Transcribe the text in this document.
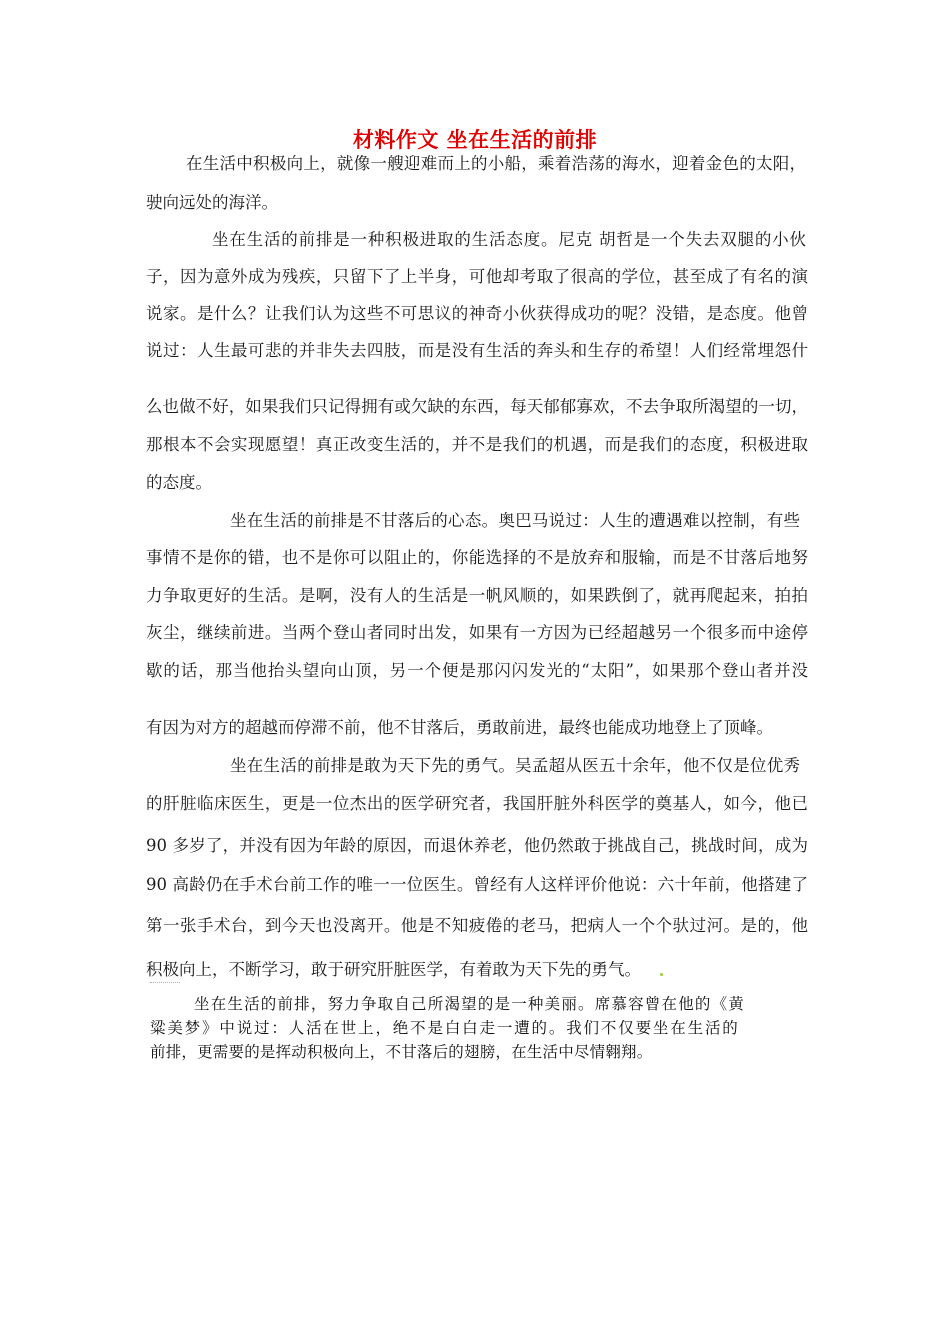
材料作文 坐在生活的前排
在生活中积极向上，就像一艘迎难而上的小船，乘着浩荡的海水，迎着金色的太阳，
驶向远处的海洋。
坐在生活的前排是一种积极进取的生活态度。尼克 胡哲是一个失去双腿的小伙
子，因为意外成为残疾，只留下了上半身，可他却考取了很高的学位，甚至成了有名的演
说家。是什么？让我们认为这些不可思议的神奇小伙获得成功的呢？没错，是态度。他曾
说过：人生最可悲的并非失去四肢，而是没有生活的奔头和生存的希望！人们经常埋怨什
么也做不好，如果我们只记得拥有或欠缺的东西，每天郁郁寡欢，不去争取所渴望的一切，
那根本不会实现愿望！真正改变生活的，并不是我们的机遇，而是我们的态度，积极进取
的态度。
坐在生活的前排是不甘落后的心态。奥巴马说过：人生的遭遇难以控制，有些
事情不是你的错，也不是你可以阻止的，你能选择的不是放弃和服输，而是不甘落后地努
力争取更好的生活。是啊，没有人的生活是一帆风顺的，如果跌倒了，就再爬起来，拍拍
灰尘，继续前进。当两个登山者同时出发，如果有一方因为已经超越另一个很多而中途停
歇的话，那当他抬头望向山顶，另一个便是那闪闪发光的“太阳”，如果那个登山者并没
有因为对方的超越而停滞不前，他不甘落后，勇敢前进，最终也能成功地登上了顶峰。
坐在生活的前排是敢为天下先的勇气。吴孟超从医五十余年，他不仅是位优秀
的肝脏临床医生，更是一位杰出的医学研究者，我国肝脏外科医学的奠基人，如今，他已
90 多岁了，并没有因为年龄的原因，而退休养老，他仍然敢于挑战自己，挑战时间，成为
90 高龄仍在手术台前工作的唯一一位医生。曾经有人这样评价他说：六十年前，他搭建了
第一张手术台，到今天也没离开。他是不知疲倦的老马，把病人一个个驮过河。是的，他
积极向上，不断学习，敢于研究肝脏医学，有着敢为天下先的勇气。
坐在生活的前排，努力争取自己所渴望的是一种美丽。席慕容曾在他的《黄
粱美梦》中说过：人活在世上，绝不是白白走一遭的。我们不仅要坐在生活的
前排，更需要的是挥动积极向上，不甘落后的翅膀，在生活中尽情翱翔。
